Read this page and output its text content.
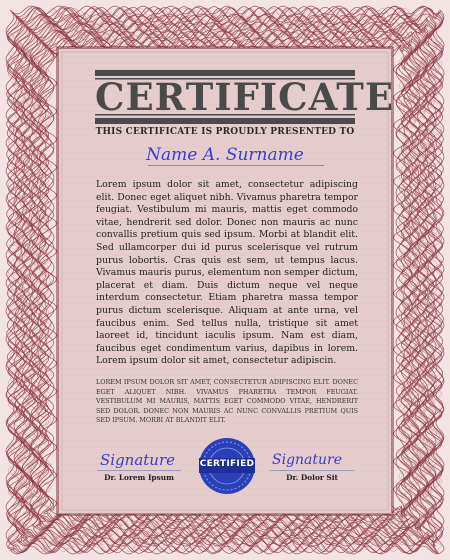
CERTIFICATE
THIS CERTIFICATE IS PROUDLY PRESENTED TO
Name A. Surname
Lorem ipsum dolor sit amet, consectetur adipiscing elit. Donec eget aliquet nibh. Vivamus pharetra tempor feugiat. Vestibulum mi mauris, mattis eget commodo vitae, hendrerit sed dolor. Donec non mauris ac nunc convallis pretium quis sed ipsum. Morbi at blandit elit. Sed ullamcorper dui id purus scelerisque vel rutrum purus lobortis. Cras quis est sem, ut tempus lacus. Vivamus mauris purus, elementum non semper dictum, placerat et diam. Duis dictum neque vel neque interdum consectetur. Etiam pharetra massa tempor purus dictum scelerisque. Aliquam at ante urna, vel faucibus enim. Sed tellus nulla, tristique sit amet laoreet id, tincidunt iaculis ipsum. Nam est diam, faucibus eget condimentum varius, dapibus in lorem. Lorem ipsum dolor sit amet, consectetur adipiscin.
LOREM IPSUM DOLOR SIT AMET, CONSECTETUR ADIPISCING ELIT. DONEC EGET ALIQUET NIBH. VIVAMUS PHARETRA TEMPOR FEUGIAT. VESTIBULUM MI MAURIS, MATTIS EGET COMMODO VITAE, HENDRERIT SED DOLOR. DONEC NON MAURIS AC NUNC CONVALLIS PRETIUM QUIS SED IPSUM. MORBI AT BLANDIT ELIT.
Signature
Dr. Lorem Ipsum
CERTIFIED Signature
Dr. Dolor Sit
